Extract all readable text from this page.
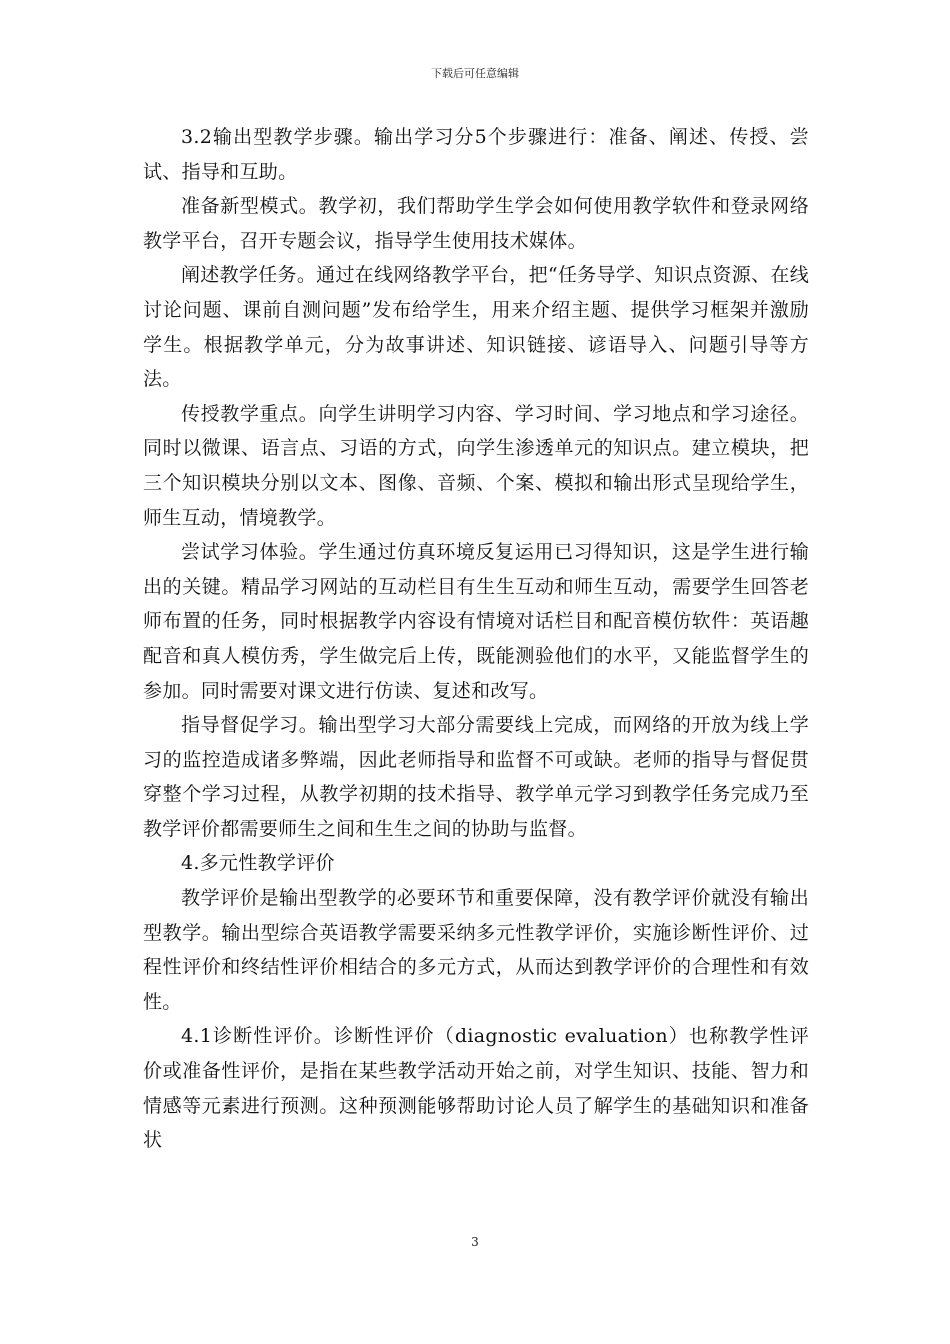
下载后可任意编辑

3.2输出型教学步骤。输出学习分5个步骤进行：准备、阐述、传授、尝试、指导和互助。

准备新型模式。教学初，我们帮助学生学会如何使用教学软件和登录网络教学平台，召开专题会议，指导学生使用技术媒体。

阐述教学任务。通过在线网络教学平台，把“任务导学、知识点资源、在线讨论问题、课前自测问题”发布给学生，用来介绍主题、提供学习框架并激励学生。根据教学单元，分为故事讲述、知识链接、谚语导入、问题引导等方法。

传授教学重点。向学生讲明学习内容、学习时间、学习地点和学习途径。同时以微课、语言点、习语的方式，向学生渗透单元的知识点。建立模块，把三个知识模块分别以文本、图像、音频、个案、模拟和输出形式呈现给学生，师生互动，情境教学。

尝试学习体验。学生通过仿真环境反复运用已习得知识，这是学生进行输出的关键。精品学习网站的互动栏目有生生互动和师生互动，需要学生回答老师布置的任务，同时根据教学内容设有情境对话栏目和配音模仿软件：英语趣配音和真人模仿秀，学生做完后上传，既能测验他们的水平，又能监督学生的参加。同时需要对课文进行仿读、复述和改写。

指导督促学习。输出型学习大部分需要线上完成，而网络的开放为线上学习的监控造成诸多弊端，因此老师指导和监督不可或缺。老师的指导与督促贯穿整个学习过程，从教学初期的技术指导、教学单元学习到教学任务完成乃至教学评价都需要师生之间和生生之间的协助与监督。

4.多元性教学评价

教学评价是输出型教学的必要环节和重要保障，没有教学评价就没有输出型教学。输出型综合英语教学需要采纳多元性教学评价，实施诊断性评价、过程性评价和终结性评价相结合的多元方式，从而达到教学评价的合理性和有效性。

4.1诊断性评价。诊断性评价（diagnostic evaluation）也称教学性评价或准备性评价，是指在某些教学活动开始之前，对学生知识、技能、智力和情感等元素进行预测。这种预测能够帮助讨论人员了解学生的基础知识和准备状

3
